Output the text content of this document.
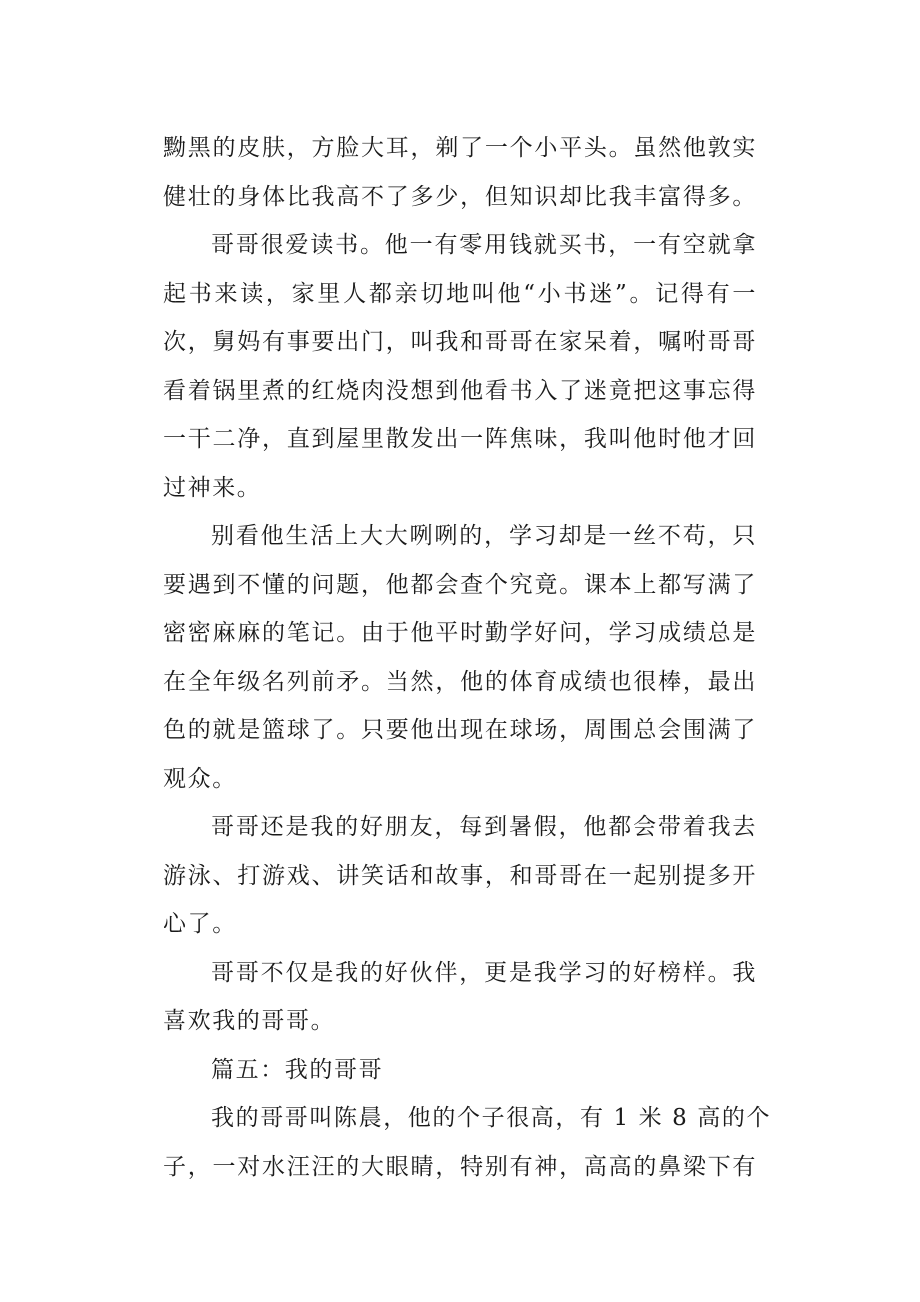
黝黑的皮肤，方脸大耳，剃了一个小平头。虽然他敦实
健壮的身体比我高不了多少，但知识却比我丰富得多。
哥哥很爱读书。他一有零用钱就买书，一有空就拿
起书来读，家里人都亲切地叫他“小书迷”。记得有一
次，舅妈有事要出门，叫我和哥哥在家呆着，嘱咐哥哥
看着锅里煮的红烧肉没想到他看书入了迷竟把这事忘得
一干二净，直到屋里散发出一阵焦味，我叫他时他才回
过神来。
别看他生活上大大咧咧的，学习却是一丝不苟，只
要遇到不懂的问题，他都会查个究竟。课本上都写满了
密密麻麻的笔记。由于他平时勤学好问，学习成绩总是
在全年级名列前矛。当然，他的体育成绩也很棒，最出
色的就是篮球了。只要他出现在球场，周围总会围满了
观众。
哥哥还是我的好朋友，每到暑假，他都会带着我去
游泳、打游戏、讲笑话和故事，和哥哥在一起别提多开
心了。
哥哥不仅是我的好伙伴，更是我学习的好榜样。我
喜欢我的哥哥。
篇五：我的哥哥
我的哥哥叫陈晨，他的个子很高，有 1 米 8 高的个
子，一对水汪汪的大眼睛，特别有神，高高的鼻梁下有
